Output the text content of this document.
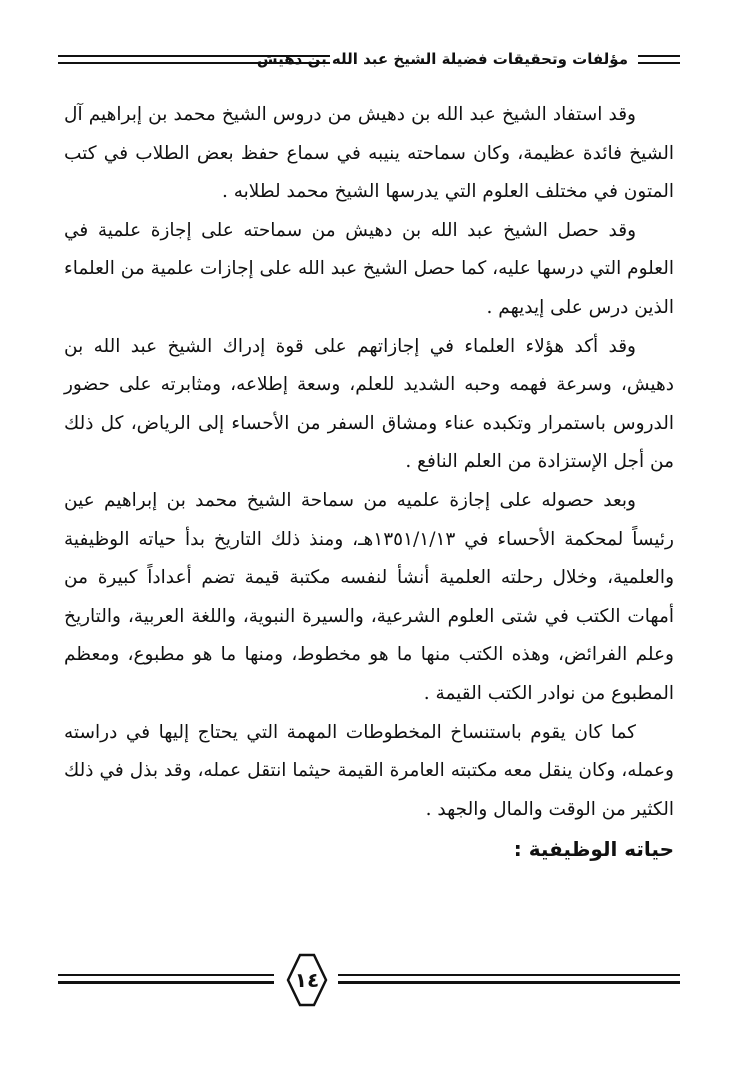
مؤلفات وتحقيقات فضيلة الشيخ عبد الله بن دهيش

وقد استفاد الشيخ عبد الله بن دهيش من دروس الشيخ محمد بن إبراهيم آل الشيخ فائدة عظيمة، وكان سماحته ينيبه في سماع حفظ بعض الطلاب في كتب المتون في مختلف العلوم التي يدرسها الشيخ محمد لطلابه .

وقد حصل الشيخ عبد الله بن دهيش من سماحته على إجازة علمية في العلوم التي درسها عليه، كما حصل الشيخ عبد الله على إجازات علمية من العلماء الذين درس على إيديهم .

وقد أكد هؤلاء العلماء في إجازاتهم على قوة إدراك الشيخ عبد الله بن دهيش، وسرعة فهمه وحبه الشديد للعلم، وسعة إطلاعه، ومثابرته على حضور الدروس باستمرار وتكبده عناء ومشاق السفر من الأحساء إلى الرياض، كل ذلك من أجل الإستزادة من العلم النافع .

وبعد حصوله على إجازة علميه من سماحة الشيخ محمد بن إبراهيم عين رئيساً لمحكمة الأحساء في ١٣٥١/١/١٣هـ، ومنذ ذلك التاريخ بدأ حياته الوظيفية والعلمية، وخلال رحلته العلمية أنشأ لنفسه مكتبة قيمة تضم أعداداً كبيرة من أمهات الكتب في شتى العلوم الشرعية، والسيرة النبوية، واللغة العربية، والتاريخ وعلم الفرائض، وهذه الكتب منها ما هو مخطوط، ومنها ما هو مطبوع، ومعظم المطبوع من نوادر الكتب القيمة .

كما كان يقوم باستنساخ المخطوطات المهمة التي يحتاج إليها في دراسته وعمله، وكان ينقل معه مكتبته العامرة القيمة حيثما انتقل عمله، وقد بذل في ذلك الكثير من الوقت والمال والجهد .

حياته الوظيفية :
١٤
